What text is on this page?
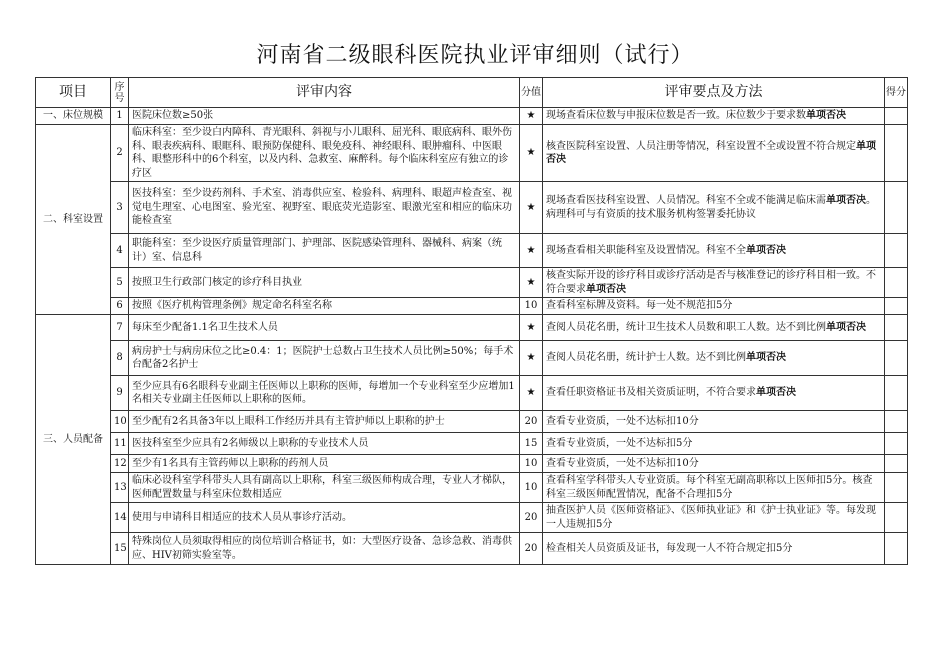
河南省二级眼科医院执业评审细则（试行）
项目	序号	评审内容	分值	评审要点及方法	得分
一、床位规模	1	医院床位数≥50张	★	现场查看床位数与申报床位数是否一致。床位数少于要求数单项否决	
二、科室设置	2	临床科室：至少设白内障科、青光眼科、斜视与小儿眼科、屈光科、眼底病科、眼外伤科、眼表疾病科、眼眶科、眼预防保健科、眼免疫科、神经眼科、眼肿瘤科、中医眼科、眼整形科中的6个科室，以及内科、急救室、麻醉科。每个临床科室应有独立的诊疗区	★	核查医院科室设置、人员注册等情况，科室设置不全或设置不符合规定单项否决	
	3	医技科室：至少设药剂科、手术室、消毒供应室、检验科、病理科、眼超声检查室、视觉电生理室、心电图室、验光室、视野室、眼底荧光造影室、眼激光室和相应的临床功能检查室	★	现场查看医技科室设置、人员情况。科室不全或不能满足临床需单项否决。病理科可与有资质的技术服务机构签署委托协议	
	4	职能科室：至少设医疗质量管理部门、护理部、医院感染管理科、器械科、病案（统计）室、信息科	★	现场查看相关职能科室及设置情况。科室不全单项否决	
	5	按照卫生行政部门核定的诊疗科目执业	★	核查实际开设的诊疗科目或诊疗活动是否与核准登记的诊疗科目相一致。不符合要求单项否决	
	6	按照《医疗机构管理条例》规定命名科室名称	10	查看科室标牌及资料。每一处不规范扣5分	
三、人员配备	7	每床至少配备1.1名卫生技术人员	★	查阅人员花名册，统计卫生技术人员数和职工人数。达不到比例单项否决	
	8	病房护士与病房床位之比≥0.4：1；医院护士总数占卫生技术人员比例≥50%；每手术台配备2名护士	★	查阅人员花名册，统计护士人数。达不到比例单项否决	
	9	至少应具有6名眼科专业副主任医师以上职称的医师，每增加一个专业科室至少应增加1名相关专业副主任医师以上职称的医师。	★	查看任职资格证书及相关资质证明，不符合要求单项否决	
	10	至少配有2名具备3年以上眼科工作经历并具有主管护师以上职称的护士	20	查看专业资质，一处不达标扣10分	
	11	医技科室至少应具有2名师级以上职称的专业技术人员	15	查看专业资质，一处不达标扣5分	
	12	至少有1名具有主管药师以上职称的药剂人员	10	查看专业资质，一处不达标扣10分	
	13	临床必设科室学科带头人具有副高以上职称，科室三级医师构成合理，专业人才梯队，医师配置数量与科室床位数相适应	10	查看科室学科带头人专业资质。每个科室无副高职称以上医师扣5分。核查科室三级医师配置情况，配备不合理扣5分	
	14	使用与申请科目相适应的技术人员从事诊疗活动。	20	抽查医护人员《医师资格证》、《医师执业证》和《护士执业证》等。每发现一人违规扣5分	
	15	特殊岗位人员须取得相应的岗位培训合格证书，如：大型医疗设备、急诊急救、消毒供应、HIV初筛实验室等。	20	检查相关人员资质及证书，每发现一人不符合规定扣5分	
